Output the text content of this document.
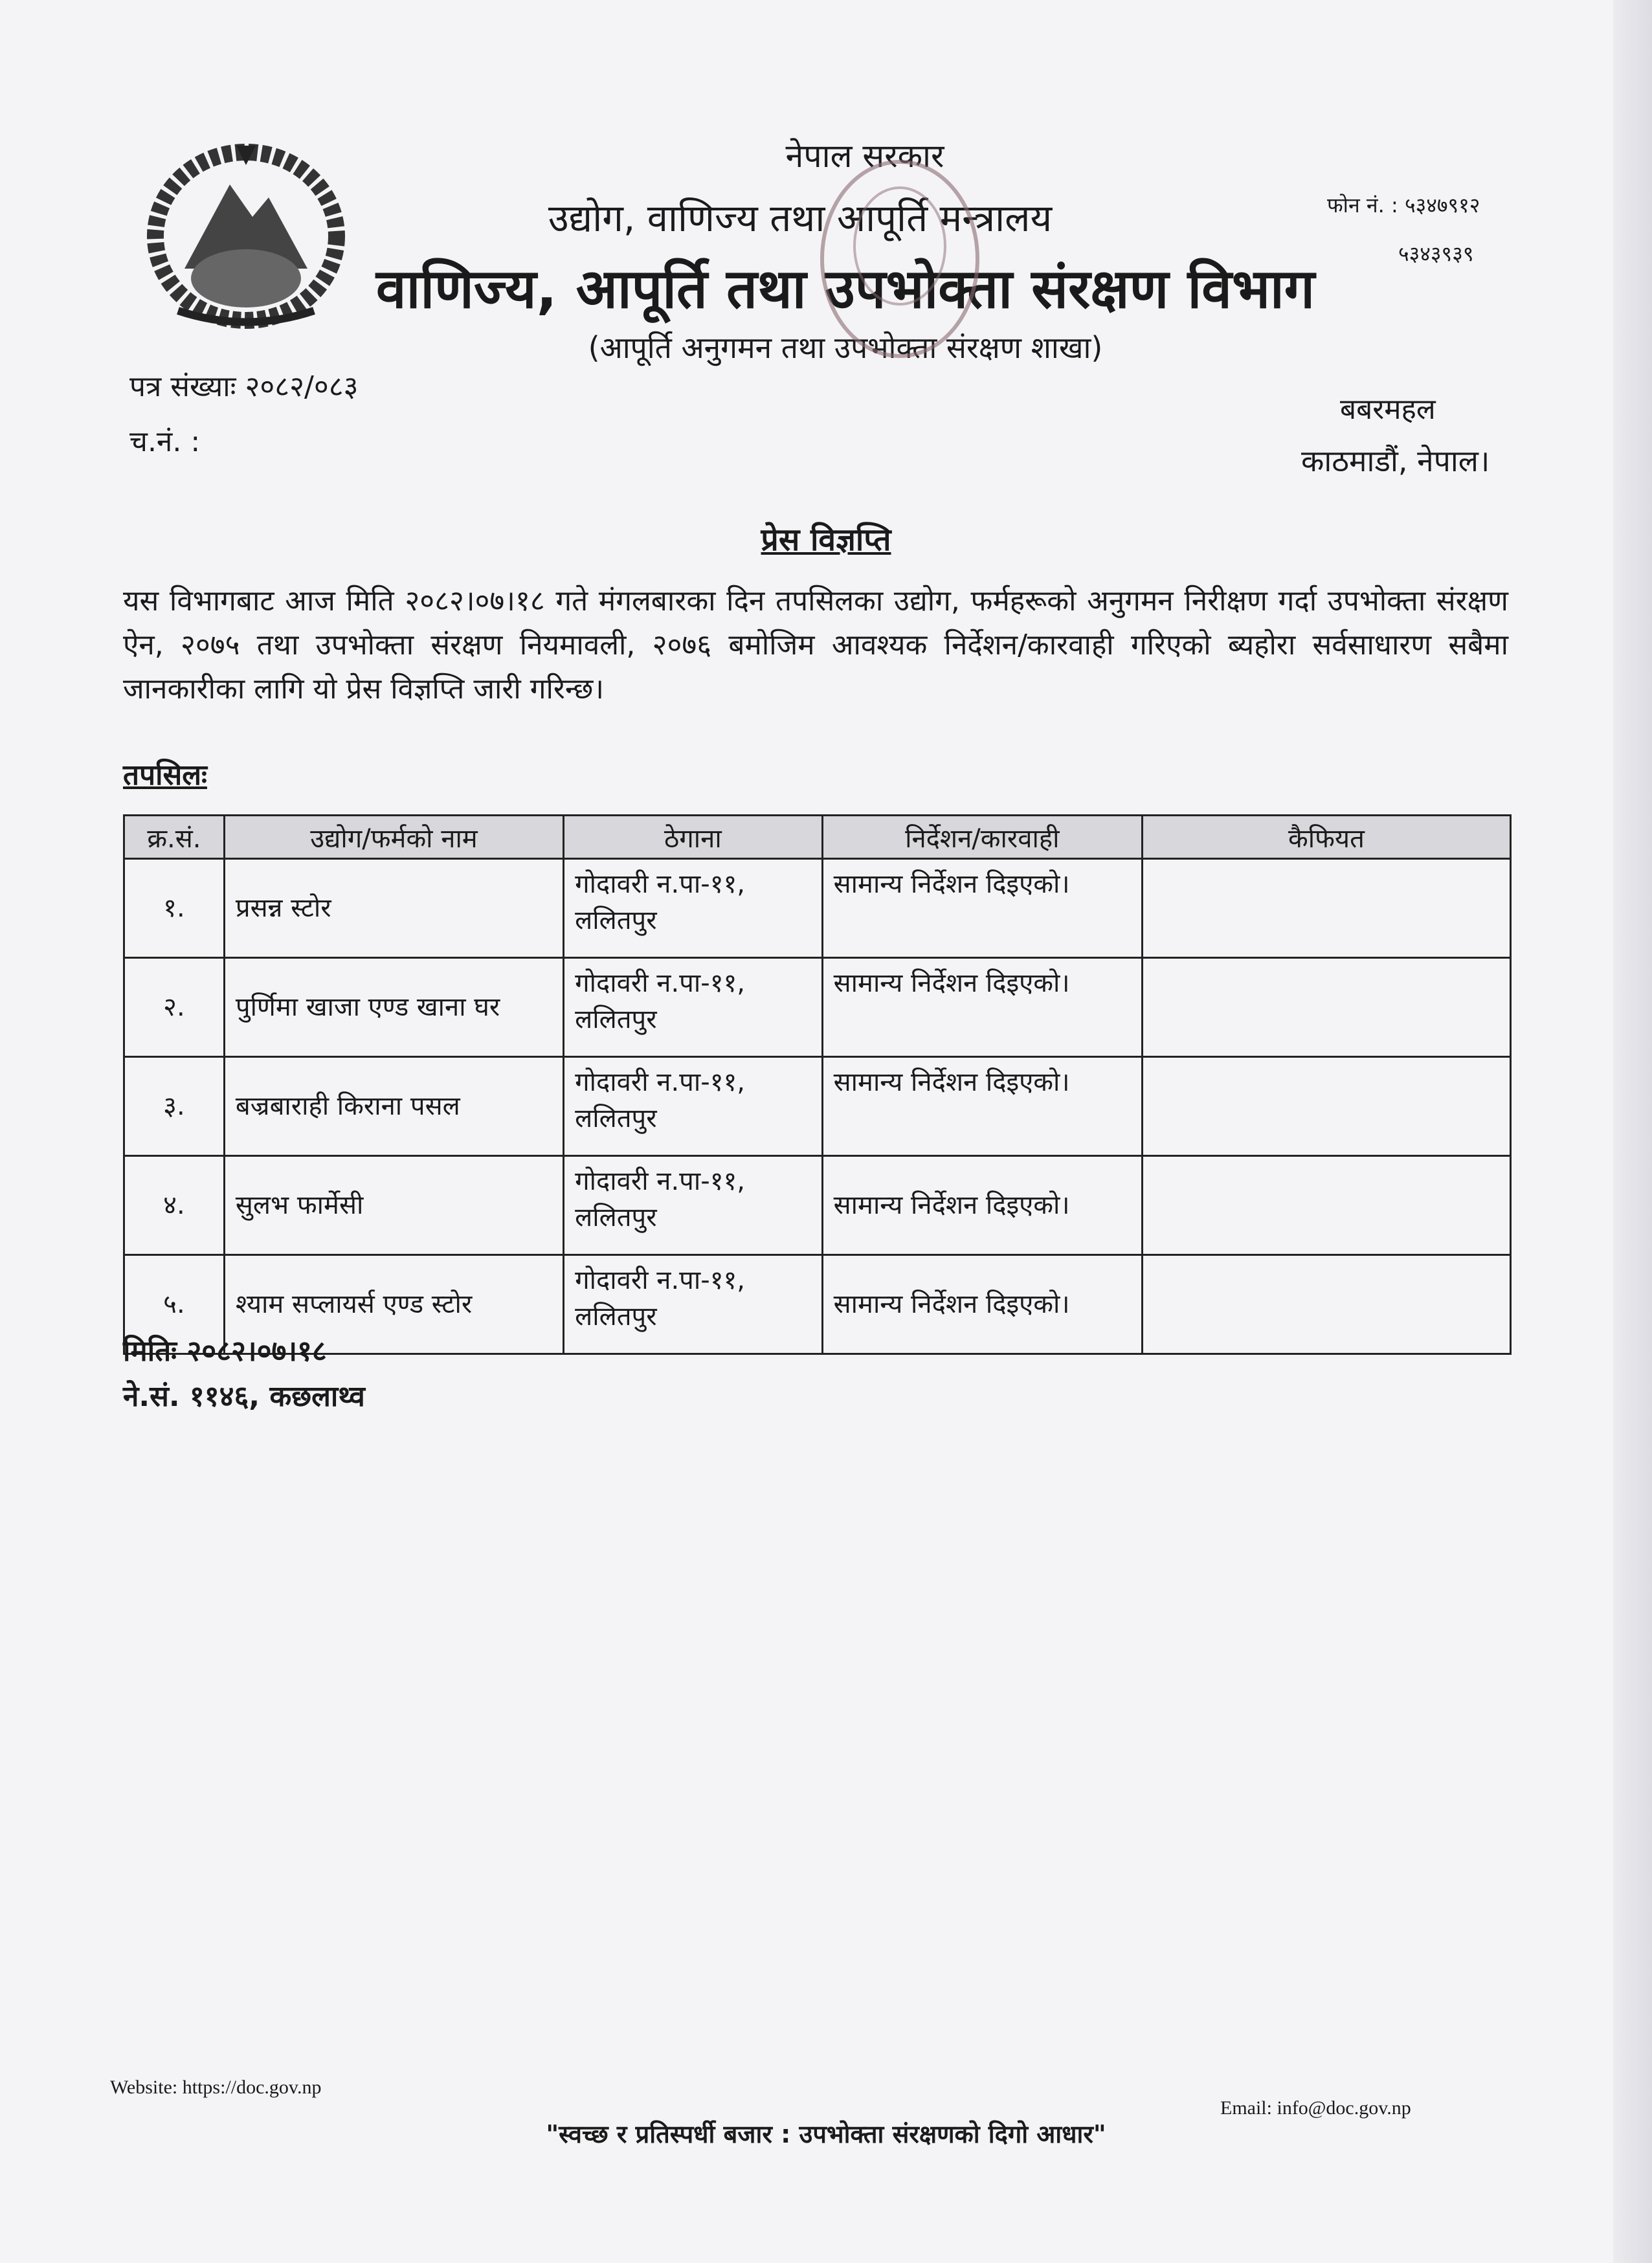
नेपाल सरकार
उद्योग, वाणिज्य तथा आपूर्ति मन्त्रालय
वाणिज्य, आपूर्ति तथा उपभोक्ता संरक्षण विभाग
(आपूर्ति अनुगमन तथा उपभोक्ता संरक्षण शाखा)
फोन नं. : ५३४७९१२
५३४३९३९
पत्र संख्याः २०८२/०८३
च.नं. :
बबरमहल
काठमाडौं, नेपाल।
प्रेस विज्ञप्ति
यस विभागबाट आज मिति २०८२।०७।१८ गते मंगलबारका दिन तपसिलका उद्योग, फर्महरूको अनुगमन निरीक्षण गर्दा उपभोक्ता संरक्षण ऐन, २०७५ तथा उपभोक्ता संरक्षण नियमावली, २०७६ बमोजिम आवश्यक निर्देशन/कारवाही गरिएको ब्यहोरा सर्वसाधारण सबैमा जानकारीका लागि यो प्रेस विज्ञप्ति जारी गरिन्छ।
तपसिलः
क्र.सं.	उद्योग/फर्मको नाम	ठेगाना	निर्देशन/कारवाही	कैफियत

१.	प्रसन्न स्टोर	गोदावरी न.पा-११,
ललितपुर	सामान्य निर्देशन दिइएको।	

२.	पुर्णिमा खाजा एण्ड खाना घर	गोदावरी न.पा-११,
ललितपुर	सामान्य निर्देशन दिइएको।	

३.	बज्रबाराही किराना पसल	गोदावरी न.पा-११,
ललितपुर	सामान्य निर्देशन दिइएको।	

४.	सुलभ फार्मेसी	गोदावरी न.पा-११,
ललितपुर	सामान्य निर्देशन दिइएको।	

५.	श्याम सप्लायर्स एण्ड स्टोर	गोदावरी न.पा-११,
ललितपुर	सामान्य निर्देशन दिइएको।	

मितिः २०८२।०७।१८
ने.सं. ११४६, कछलाथ्व
Website: https://doc.gov.np
Email: info@doc.gov.np
"स्वच्छ र प्रतिस्पर्धी बजार : उपभोक्ता संरक्षणको दिगो आधार"
